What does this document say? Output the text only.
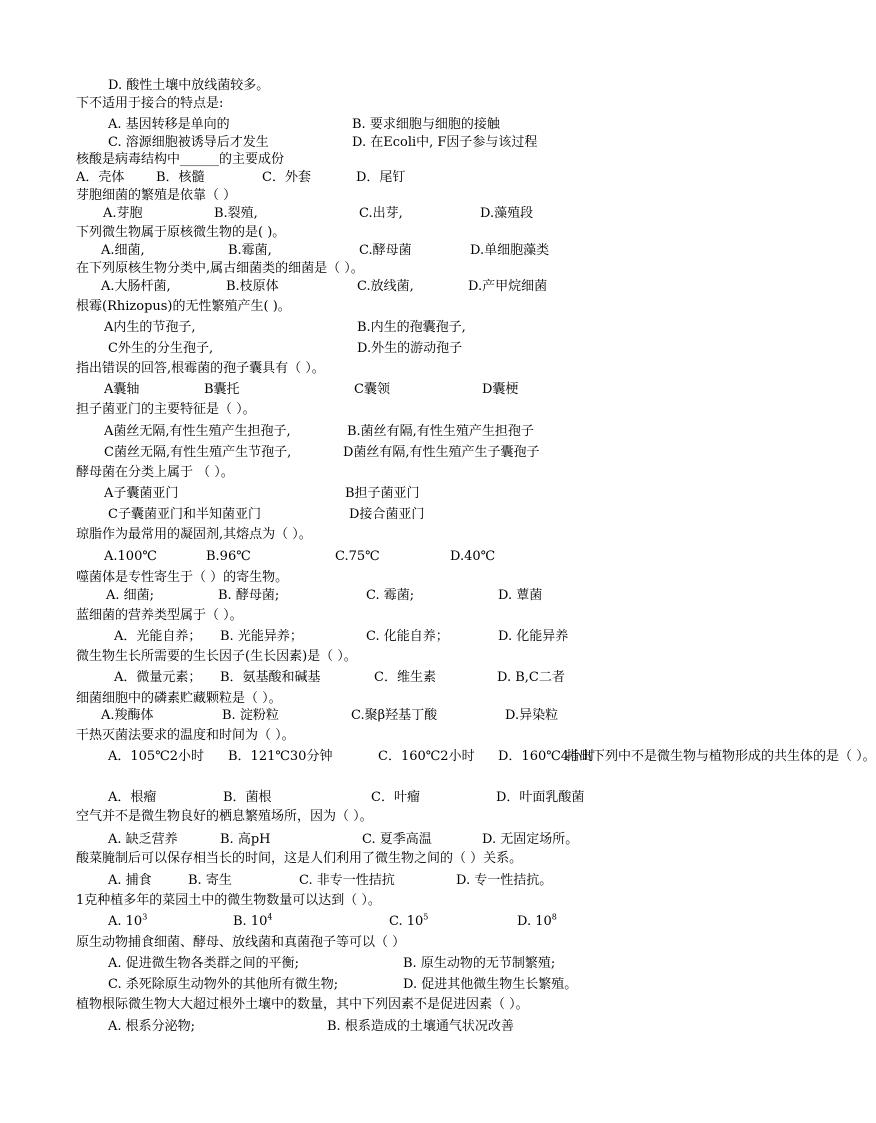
D. 酸性土壤中放线菌较多。
下不适用于接合的特点是:
A. 基因转移是单向的	B. 要求细胞与细胞的接触
C. 溶源细胞被诱导后才发生	D. 在Ecoli中, F因子参与该过程
核酸是病毒结构中______的主要成份
A．壳体 B．核髓	C．外套	D．尾钉
芽胞细菌的繁殖是依靠（ ）
A.芽胞	B.裂殖,	C.出芽,	D.藻殖段
下列微生物属于原核微生物的是( )。
A.细菌,	B.霉菌,	C.酵母菌	D.单细胞藻类
在下列原核生物分类中,属古细菌类的细菌是（ ）。
A.大肠杆菌,	B.枝原体	C.放线菌,	D.产甲烷细菌
根霉(Rhizopus)的无性繁殖产生( )。
A内生的节孢子,	B.内生的孢囊孢子,
C外生的分生孢子,	D.外生的游动孢子
指出错误的回答,根霉菌的孢子囊具有（ ）。
A囊轴	B囊托	C囊领	D囊梗
担子菌亚门的主要特征是（ ）。
A菌丝无隔,有性生殖产生担孢子,	B.菌丝有隔,有性生殖产生担孢子
C菌丝无隔,有性生殖产生节孢子,	D菌丝有隔,有性生殖产生子囊孢子
酵母菌在分类上属于 （ ）。
A子囊菌亚门	B担子菌亚门
C子囊菌亚门和半知菌亚门	D接合菌亚门
琼脂作为最常用的凝固剂,其熔点为（ ）。
A.100℃	B.96℃	C.75℃	D.40℃
噬菌体是专性寄生于（ ）的寄生物。
A. 细菌;	B. 酵母菌;	C. 霉菌;	D. 蕈菌
蓝细菌的营养类型属于（ ）。
A．光能自养； B. 光能异养；	C. 化能自养；	D. 化能异养
微生物生长所需要的生长因子(生长因素)是（ ）。
A．微量元素； B．氨基酸和碱基	C．维生素	D. B,C二者
细菌细胞中的磷素贮藏颗粒是（ ）。
A.羧酶体	B. 淀粉粒	C.聚β羟基丁酸	D.异染粒
干热灭菌法要求的温度和时间为（ ）。
A．105℃2小时 B．121℃30分钟	C．160℃2小时 D．160℃4小时
指出下列中不是微生物与植物形成的共生体的是（ ）。
A．根瘤	B．菌根	C．叶瘤	D．叶面乳酸菌
空气并不是微生物良好的栖息繁殖场所，因为（ ）。
A. 缺乏营养	B. 高pH	C. 夏季高温	D. 无固定场所。
酸菜腌制后可以保存相当长的时间，这是人们利用了微生物之间的（ ）关系。
A. 捕食	B. 寄生	C. 非专一性拮抗	D. 专一性拮抗。
1克种植多年的菜园土中的微生物数量可以达到（ ）。
A. $10^3$	B. $10^4$	C. $10^5$	D. $10^8$
原生动物捕食细菌、酵母、放线菌和真菌孢子等可以（ ）
A. 促进微生物各类群之间的平衡;	B. 原生动物的无节制繁殖;
C. 杀死除原生动物外的其他所有微生物;	D. 促进其他微生物生长繁殖。
植物根际微生物大大超过根外土壤中的数量，其中下列因素不是促进因素（ ）。
A. 根系分泌物;	B. 根系造成的土壤通气状况改善
